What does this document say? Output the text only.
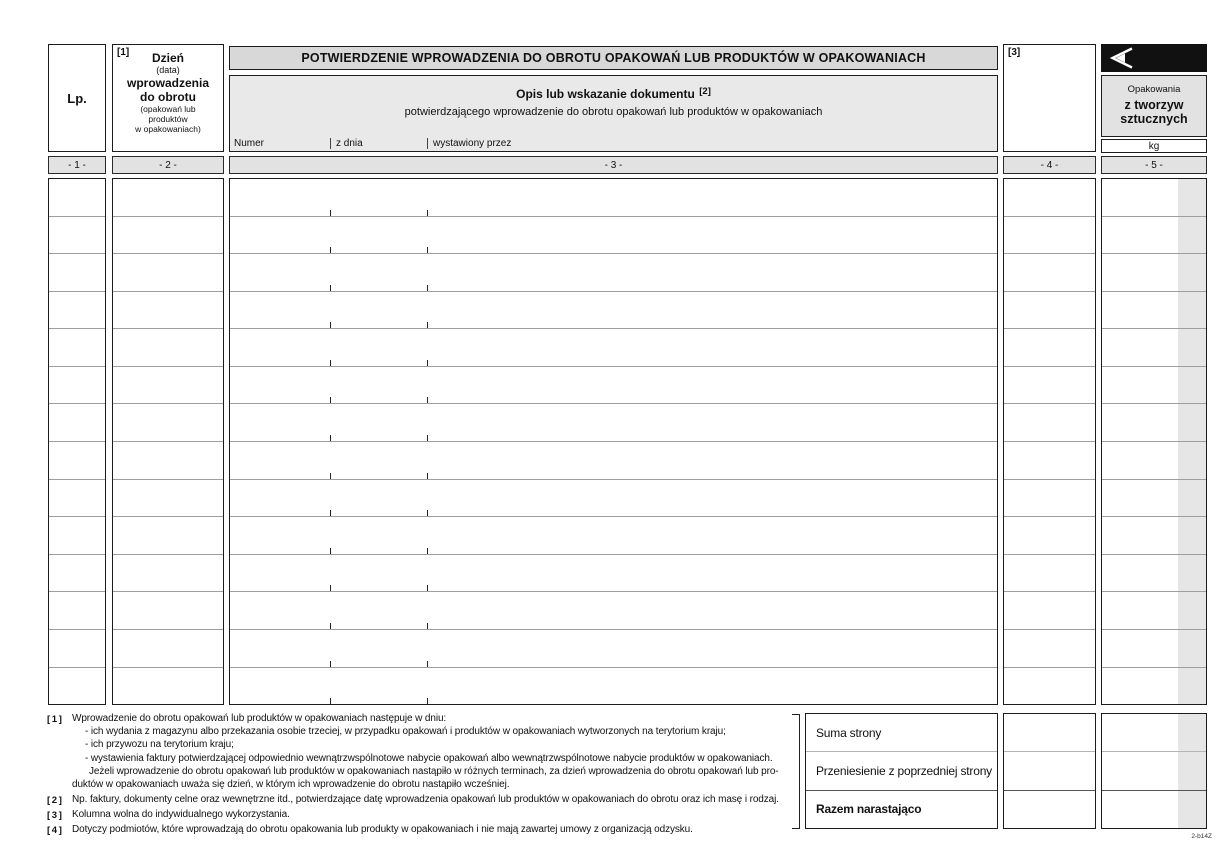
Lp.
[1]	Dzień
(data)
wprowadzenia
do obrotu
(opakowań lub
produktów
w opakowaniach)
POTWIERDZENIE WPROWADZENIA DO OBROTU OPAKOWAŃ LUB PRODUKTÓW W OPAKOWANIACH
Opis lub wskazanie dokumentu [2]
potwierdzającego wprowadzenie do obrotu opakowań lub produktów w opakowaniach
Numer	z dnia	wystawiony przez
[3]
Opakowania
z tworzyw sztucznych
kg
- 1 -	- 2 -	- 3 -	- 4 -	- 5 -
[ 1 ] Wprowadzenie do obrotu opakowań lub produktów w opakowaniach następuje w dniu:
- ich wydania z magazynu albo przekazania osobie trzeciej, w przypadku opakowań i produktów w opakowaniach wytworzonych na terytorium kraju;
- ich przywozu na terytorium kraju;
- wystawienia faktury potwierdzającej odpowiednio wewnątrzwspólnotowe nabycie opakowań albo wewnątrzwspólnotowe nabycie produktów w opakowaniach.
Jeżeli wprowadzenie do obrotu opakowań lub produktów w opakowaniach nastąpiło w różnych terminach, za dzień wprowadzenia do obrotu opakowań lub pro-
duktów w opakowaniach uważa się dzień, w którym ich wprowadzenie do obrotu nastąpiło wcześniej.
[ 2 ] Np. faktury, dokumenty celne oraz wewnętrzne itd., potwierdzające datę wprowadzenia opakowań lub produktów w opakowaniach do obrotu oraz ich masę i rodzaj.
[ 3 ] Kolumna wolna do indywidualnego wykorzystania.
[ 4 ] Dotyczy podmiotów, które wprowadzają do obrotu opakowania lub produkty w opakowaniach i nie mają zawartej umowy z organizacją odzysku.
Suma strony
Przeniesienie z poprzedniej strony
Razem narastająco
2-b14Z
